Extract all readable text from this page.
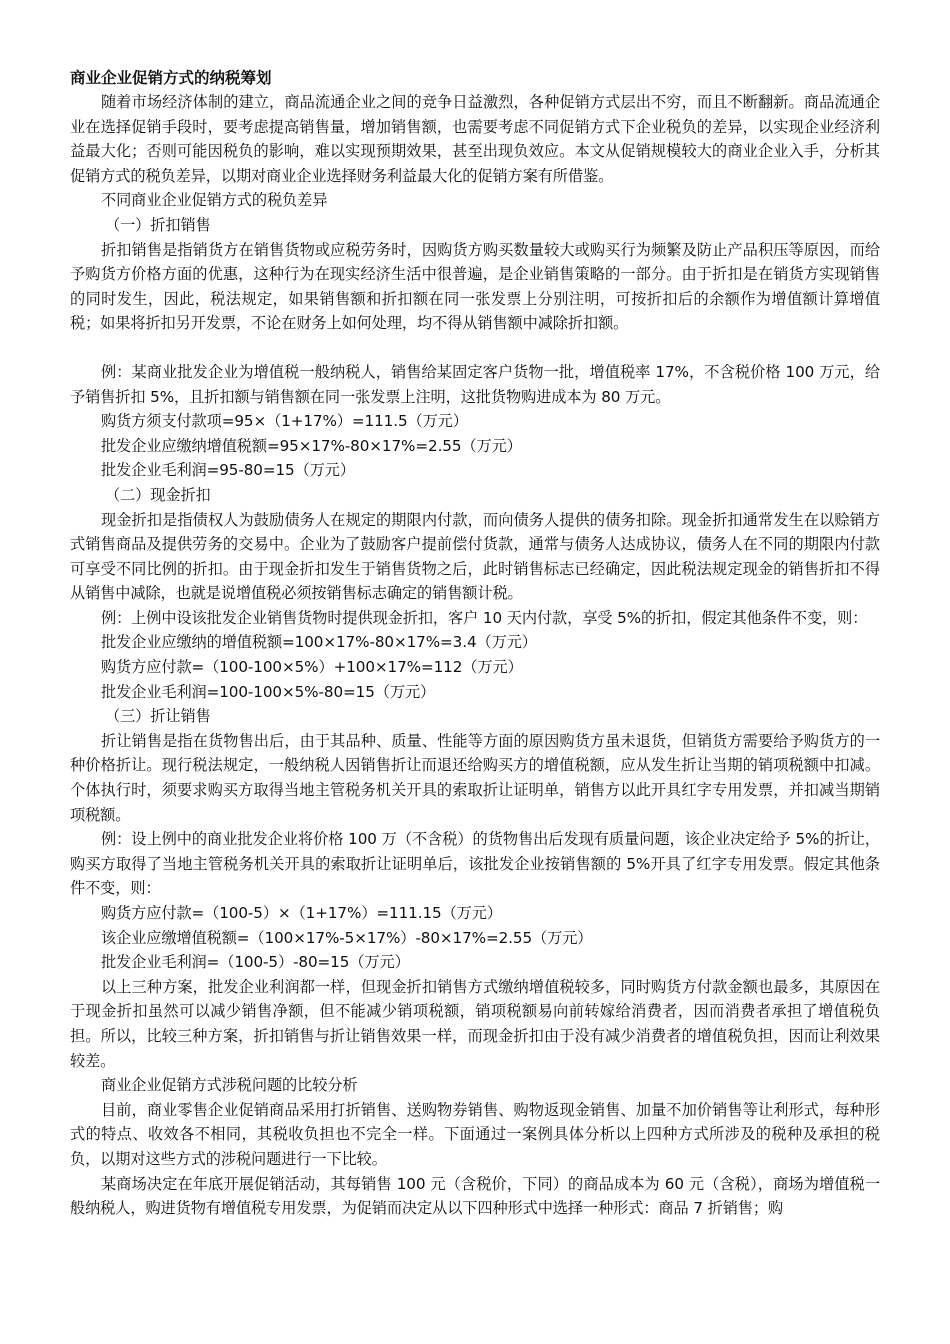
商业企业促销方式的纳税筹划

随着市场经济体制的建立，商品流通企业之间的竞争日益激烈，各种促销方式层出不穷，而且不断翻新。商品流通企业在选择促销手段时，要考虑提高销售量，增加销售额，也需要考虑不同促销方式下企业税负的差异，以实现企业经济利益最大化；否则可能因税负的影响，难以实现预期效果，甚至出现负效应。本文从促销规模较大的商业企业入手，分析其促销方式的税负差异，以期对商业企业选择财务利益最大化的促销方案有所借鉴。

不同商业企业促销方式的税负差异

（一）折扣销售

折扣销售是指销货方在销售货物或应税劳务时，因购货方购买数量较大或购买行为频繁及防止产品积压等原因，而给予购货方价格方面的优惠，这种行为在现实经济生活中很普遍，是企业销售策略的一部分。由于折扣是在销货方实现销售的同时发生，因此，税法规定，如果销售额和折扣额在同一张发票上分别注明，可按折扣后的余额作为增值额计算增值税；如果将折扣另开发票，不论在财务上如何处理，均不得从销售额中减除折扣额。

例：某商业批发企业为增值税一般纳税人，销售给某固定客户货物一批，增值税率 17%，不含税价格 100 万元，给予销售折扣 5%，且折扣额与销售额在同一张发票上注明，这批货物购进成本为 80 万元。

购货方须支付款项=95×（1+17%）=111.5（万元）

批发企业应缴纳增值税额=95×17%-80×17%=2.55（万元）

批发企业毛利润=95-80=15（万元）

（二）现金折扣

现金折扣是指债权人为鼓励债务人在规定的期限内付款，而向债务人提供的债务扣除。现金折扣通常发生在以赊销方式销售商品及提供劳务的交易中。企业为了鼓励客户提前偿付货款，通常与债务人达成协议，债务人在不同的期限内付款可享受不同比例的折扣。由于现金折扣发生于销售货物之后，此时销售标志已经确定，因此税法规定现金的销售折扣不得从销售中减除，也就是说增值税必须按销售标志确定的销售额计税。

例：上例中设该批发企业销售货物时提供现金折扣，客户 10 天内付款，享受 5%的折扣，假定其他条件不变，则：

批发企业应缴纳的增值税额=100×17%-80×17%=3.4（万元）

购货方应付款=（100-100×5%）+100×17%=112（万元）

批发企业毛利润=100-100×5%-80=15（万元）

（三）折让销售

折让销售是指在货物售出后，由于其品种、质量、性能等方面的原因购货方虽未退货，但销货方需要给予购货方的一种价格折让。现行税法规定，一般纳税人因销售折让而退还给购买方的增值税额，应从发生折让当期的销项税额中扣减。个体执行时，须要求购买方取得当地主管税务机关开具的索取折让证明单，销售方以此开具红字专用发票，并扣减当期销项税额。

例：设上例中的商业批发企业将价格 100 万（不含税）的货物售出后发现有质量问题，该企业决定给予 5%的折让，购买方取得了当地主管税务机关开具的索取折让证明单后，该批发企业按销售额的 5%开具了红字专用发票。假定其他条件不变，则：

购货方应付款=（100-5）×（1+17%）=111.15（万元）

该企业应缴增值税额=（100×17%-5×17%）-80×17%=2.55（万元）

批发企业毛利润=（100-5）-80=15（万元）

以上三种方案，批发企业利润都一样，但现金折扣销售方式缴纳增值税较多，同时购货方付款金额也最多，其原因在于现金折扣虽然可以减少销售净额，但不能减少销项税额，销项税额易向前转嫁给消费者，因而消费者承担了增值税负担。所以，比较三种方案，折扣销售与折让销售效果一样，而现金折扣由于没有减少消费者的增值税负担，因而让利效果较差。

商业企业促销方式涉税问题的比较分析

目前，商业零售企业促销商品采用打折销售、送购物券销售、购物返现金销售、加量不加价销售等让利形式，每种形式的特点、收效各不相同，其税收负担也不完全一样。下面通过一案例具体分析以上四种方式所涉及的税种及承担的税负，以期对这些方式的涉税问题进行一下比较。

某商场决定在年底开展促销活动，其每销售 100 元（含税价，下同）的商品成本为 60 元（含税），商场为增值税一般纳税人，购进货物有增值税专用发票，为促销而决定从以下四种形式中选择一种形式：商品 7 折销售；购
